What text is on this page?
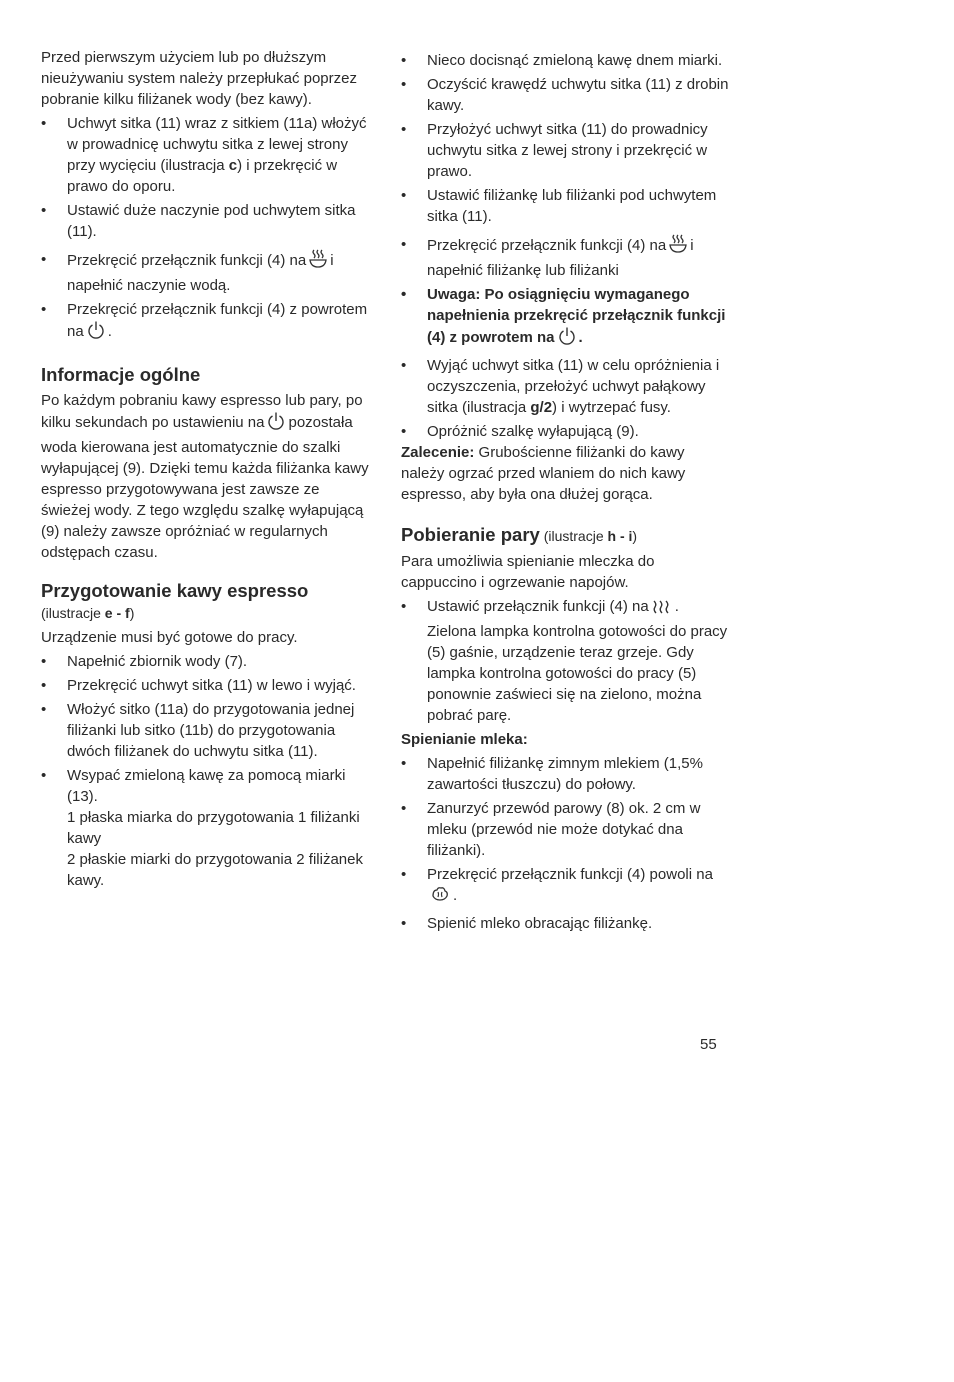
Przed pierwszym użyciem lub po dłuższym nieużywaniu system należy przepłukać poprzez pobranie kilku filiżanek wody (bez kawy).

• Uchwyt sitka (11) wraz z sitkiem (11a) włożyć w prowadnicę uchwytu sitka z lewej strony przy wycięciu (ilustracja c) i przekręcić w prawo do oporu.
• Ustawić duże naczynie pod uchwytem sitka (11).
• Przekręcić przełącznik funkcji (4) na i napełnić naczynie wodą.
• Przekręcić przełącznik funkcji (4) z powrotem na .
Informacje ogólne

Po każdym pobraniu kawy espresso lub pary, po kilku sekundach po ustawieniu na pozostała woda kierowana jest automatycznie do szalki wyłapującej (9). Dzięki temu każda filiżanka kawy espresso przygotowywana jest zawsze ze świeżej wody. Z tego względu szalkę wyłapującą (9) należy zawsze opróżniać w regularnych odstępach czasu.

Przygotowanie kawy espresso

(ilustracje e - f)

Urządzenie musi być gotowe do pracy.

• Napełnić zbiornik wody (7).
• Przekręcić uchwyt sitka (11) w lewo i wyjąć.
• Włożyć sitko (11a) do przygotowania jednej filiżanki lub sitko (11b) do przygotowania dwóch filiżanek do uchwytu sitka (11).
• Wsypać zmieloną kawę za pomocą miarki (13).
1 płaska miarka do przygotowania 1 filiżanki kawy
2 płaskie miarki do przygotowania 2 filiżanek kawy.
• Nieco docisnąć zmieloną kawę dnem miarki.
• Oczyścić krawędź uchwytu sitka (11) z drobin kawy.
• Przyłożyć uchwyt sitka (11) do prowadnicy uchwytu sitka z lewej strony i przekręcić w prawo.
• Ustawić filiżankę lub filiżanki pod uchwytem sitka (11).
• Przekręcić przełącznik funkcji (4) na i napełnić filiżankę lub filiżanki
• Uwaga: Po osiągnięciu wymaganego napełnienia przekręcić przełącznik funkcji (4) z powrotem na .
• Wyjąć uchwyt sitka (11) w celu opróżnienia i oczyszczenia, przełożyć uchwyt pałąkowy sitka (ilustracja g/2) i wytrzepać fusy.
• Opróżnić szalkę wyłapującą (9).

Zalecenie: Grubościenne filiżanki do kawy należy ogrzać przed wlaniem do nich kawy espresso, aby była ona dłużej gorąca.

Pobieranie pary (ilustracje h - i)

Para umożliwia spienianie mleczka do cappuccino i ogrzewanie napojów.

• Ustawić przełącznik funkcji (4) na . Zielona lampka kontrolna gotowości do pracy (5) gaśnie, urządzenie teraz grzeje. Gdy lampka kontrolna gotowości do pracy (5) ponownie zaświeci się na zielono, można pobrać parę.

Spienianie mleka:

• Napełnić filiżankę zimnym mlekiem (1,5% zawartości tłuszczu) do połowy.
• Zanurzyć przewód parowy (8) ok. 2 cm w mleku (przewód nie może dotykać dna filiżanki).
• Przekręcić przełącznik funkcji (4) powoli na.
• Spienić mleko obracając filiżankę.
55
